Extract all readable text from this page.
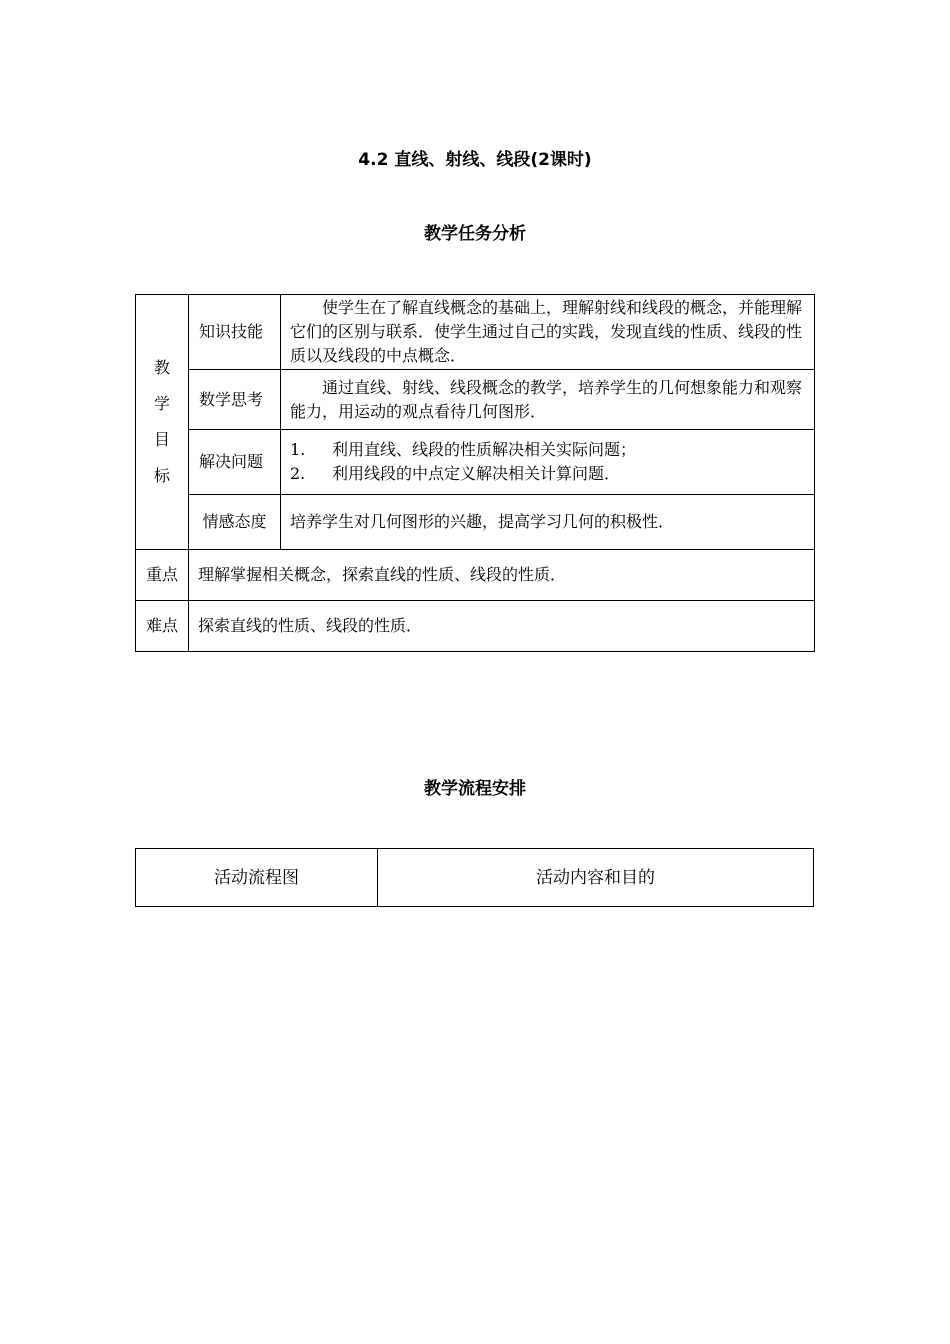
4.2 直线、射线、线段(2课时)
教学任务分析
教
学
目
标	知识技能	使学生在了解直线概念的基础上，理解射线和线段的概念，并能理解它们的区别与联系．使学生通过自己的实践，发现直线的性质、线段的性质以及线段的中点概念．

	数学思考	通过直线、射线、线段概念的教学，培养学生的几何想象能力和观察能力，用运动的观点看待几何图形．

	解决问题	1. 利用直线、线段的性质解决相关实际问题；
2. 利用线段的中点定义解决相关计算问题．

	情感态度	培养学生对几何图形的兴趣，提高学习几何的积极性．
重点	理解掌握相关概念，探索直线的性质、线段的性质．	
难点	探索直线的性质、线段的性质．	
教学流程安排
活动流程图	活动内容和目的
